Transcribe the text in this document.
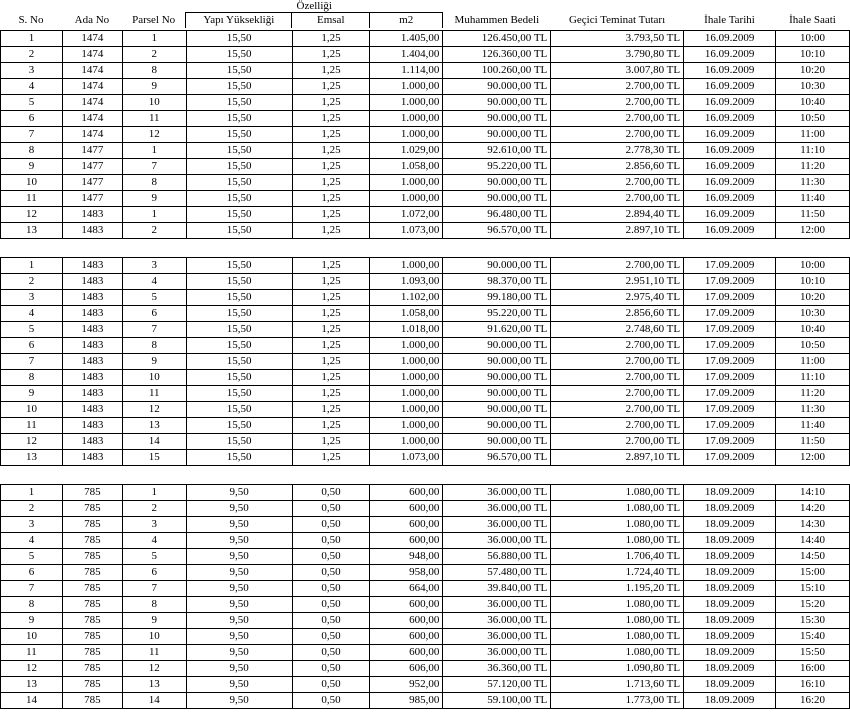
			Özelliği						
S. No	Ada No	Parsel No	Yapı Yüksekliği	Emsal	m2	Muhammen Bedeli	Geçici Teminat Tutarı	İhale Tarihi	İhale Saati
1	1474	1	15,50	1,25	1.405,00	126.450,00 TL	3.793,50 TL	16.09.2009	10:00
2	1474	2	15,50	1,25	1.404,00	126.360,00 TL	3.790,80 TL	16.09.2009	10:10
3	1474	8	15,50	1,25	1.114,00	100.260,00 TL	3.007,80 TL	16.09.2009	10:20
4	1474	9	15,50	1,25	1.000,00	90.000,00 TL	2.700,00 TL	16.09.2009	10:30
5	1474	10	15,50	1,25	1.000,00	90.000,00 TL	2.700,00 TL	16.09.2009	10:40
6	1474	11	15,50	1,25	1.000,00	90.000,00 TL	2.700,00 TL	16.09.2009	10:50
7	1474	12	15,50	1,25	1.000,00	90.000,00 TL	2.700,00 TL	16.09.2009	11:00
8	1477	1	15,50	1,25	1.029,00	92.610,00 TL	2.778,30 TL	16.09.2009	11:10
9	1477	7	15,50	1,25	1.058,00	95.220,00 TL	2.856,60 TL	16.09.2009	11:20
10	1477	8	15,50	1,25	1.000,00	90.000,00 TL	2.700,00 TL	16.09.2009	11:30
11	1477	9	15,50	1,25	1.000,00	90.000,00 TL	2.700,00 TL	16.09.2009	11:40
12	1483	1	15,50	1,25	1.072,00	96.480,00 TL	2.894,40 TL	16.09.2009	11:50
13	1483	2	15,50	1,25	1.073,00	96.570,00 TL	2.897,10 TL	16.09.2009	12:00

1	1483	3	15,50	1,25	1.000,00	90.000,00 TL	2.700,00 TL	17.09.2009	10:00
2	1483	4	15,50	1,25	1.093,00	98.370,00 TL	2.951,10 TL	17.09.2009	10:10
3	1483	5	15,50	1,25	1.102,00	99.180,00 TL	2.975,40 TL	17.09.2009	10:20
4	1483	6	15,50	1,25	1.058,00	95.220,00 TL	2.856,60 TL	17.09.2009	10:30
5	1483	7	15,50	1,25	1.018,00	91.620,00 TL	2.748,60 TL	17.09.2009	10:40
6	1483	8	15,50	1,25	1.000,00	90.000,00 TL	2.700,00 TL	17.09.2009	10:50
7	1483	9	15,50	1,25	1.000,00	90.000,00 TL	2.700,00 TL	17.09.2009	11:00
8	1483	10	15,50	1,25	1.000,00	90.000,00 TL	2.700,00 TL	17.09.2009	11:10
9	1483	11	15,50	1,25	1.000,00	90.000,00 TL	2.700,00 TL	17.09.2009	11:20
10	1483	12	15,50	1,25	1.000,00	90.000,00 TL	2.700,00 TL	17.09.2009	11:30
11	1483	13	15,50	1,25	1.000,00	90.000,00 TL	2.700,00 TL	17.09.2009	11:40
12	1483	14	15,50	1,25	1.000,00	90.000,00 TL	2.700,00 TL	17.09.2009	11:50
13	1483	15	15,50	1,25	1.073,00	96.570,00 TL	2.897,10 TL	17.09.2009	12:00

1	785	1	9,50	0,50	600,00	36.000,00 TL	1.080,00 TL	18.09.2009	14:10
2	785	2	9,50	0,50	600,00	36.000,00 TL	1.080,00 TL	18.09.2009	14:20
3	785	3	9,50	0,50	600,00	36.000,00 TL	1.080,00 TL	18.09.2009	14:30
4	785	4	9,50	0,50	600,00	36.000,00 TL	1.080,00 TL	18.09.2009	14:40
5	785	5	9,50	0,50	948,00	56.880,00 TL	1.706,40 TL	18.09.2009	14:50
6	785	6	9,50	0,50	958,00	57.480,00 TL	1.724,40 TL	18.09.2009	15:00
7	785	7	9,50	0,50	664,00	39.840,00 TL	1.195,20 TL	18.09.2009	15:10
8	785	8	9,50	0,50	600,00	36.000,00 TL	1.080,00 TL	18.09.2009	15:20
9	785	9	9,50	0,50	600,00	36.000,00 TL	1.080,00 TL	18.09.2009	15:30
10	785	10	9,50	0,50	600,00	36.000,00 TL	1.080,00 TL	18.09.2009	15:40
11	785	11	9,50	0,50	600,00	36.000,00 TL	1.080,00 TL	18.09.2009	15:50
12	785	12	9,50	0,50	606,00	36.360,00 TL	1.090,80 TL	18.09.2009	16:00
13	785	13	9,50	0,50	952,00	57.120,00 TL	1.713,60 TL	18.09.2009	16:10
14	785	14	9,50	0,50	985,00	59.100,00 TL	1.773,00 TL	18.09.2009	16:20
